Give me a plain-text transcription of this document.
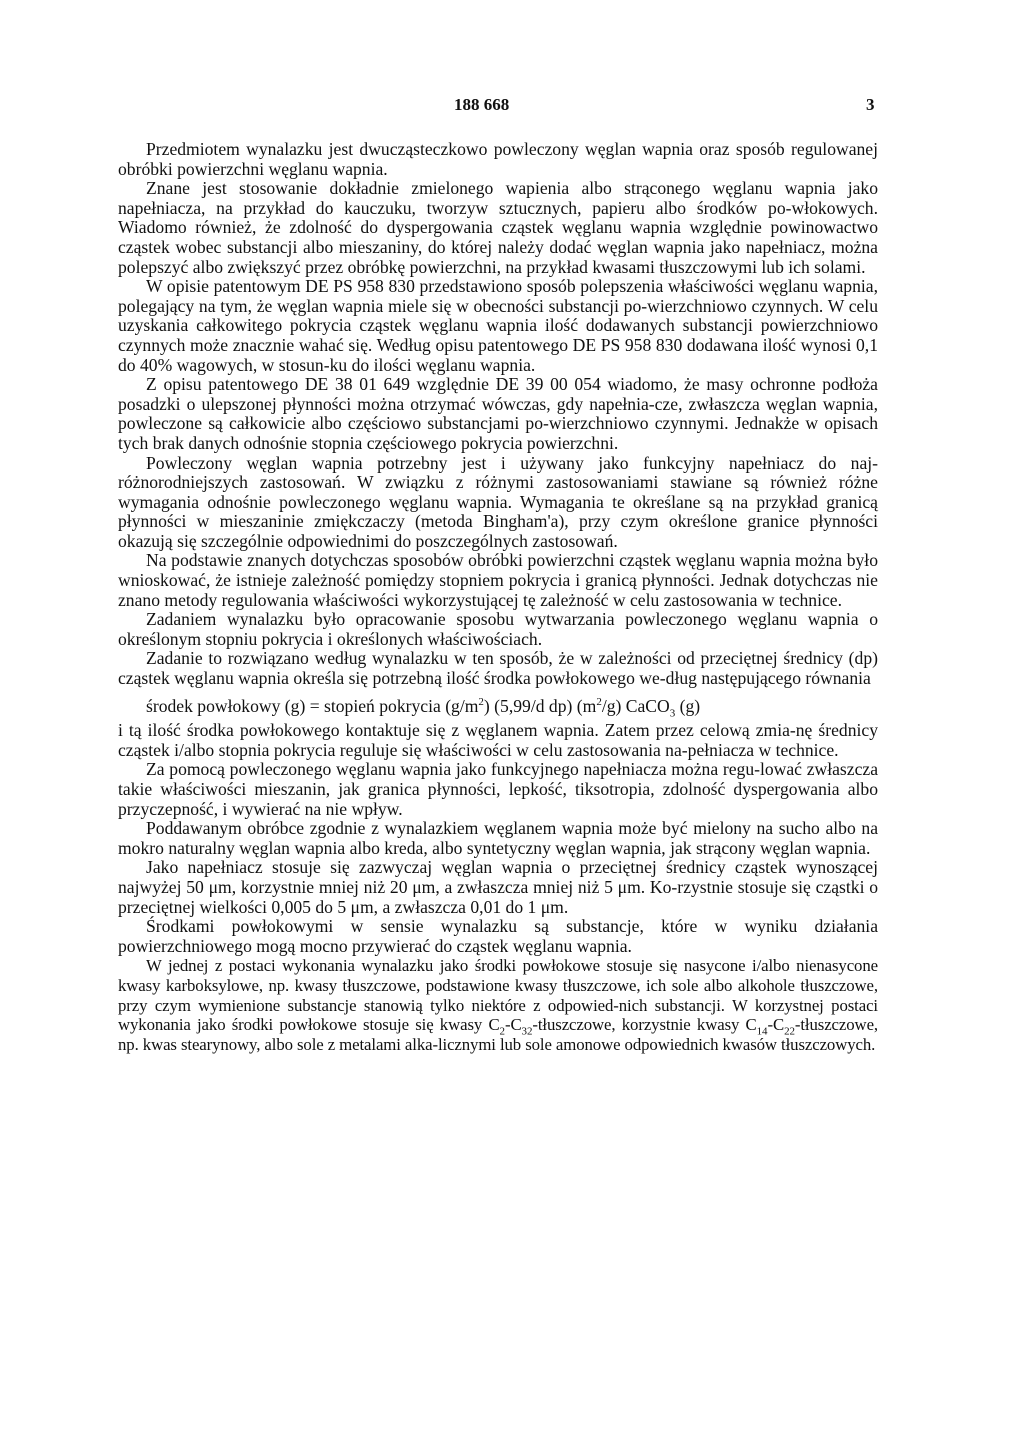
188 668	3

Przedmiotem wynalazku jest dwucząsteczkowo powleczony węglan wapnia oraz sposób regulowanej obróbki powierzchni węglanu wapnia.

Znane jest stosowanie dokładnie zmielonego wapienia albo strąconego węglanu wapnia jako napełniacza, na przykład do kauczuku, tworzyw sztucznych, papieru albo środków po-włokowych. Wiadomo również, że zdolność do dyspergowania cząstek węglanu wapnia względnie powinowactwo cząstek wobec substancji albo mieszaniny, do której należy dodać węglan wapnia jako napełniacz, można polepszyć albo zwiększyć przez obróbkę powierzchni, na przykład kwasami tłuszczowymi lub ich solami.

W opisie patentowym DE PS 958 830 przedstawiono sposób polepszenia właściwości węglanu wapnia, polegający na tym, że węglan wapnia miele się w obecności substancji po-wierzchniowo czynnych. W celu uzyskania całkowitego pokrycia cząstek węglanu wapnia ilość dodawanych substancji powierzchniowo czynnych może znacznie wahać się. Według opisu patentowego DE PS 958 830 dodawana ilość wynosi 0,1 do 40% wagowych, w stosun-ku do ilości węglanu wapnia.

Z opisu patentowego DE 38 01 649 względnie DE 39 00 054 wiadomo, że masy ochronne podłoża posadzki o ulepszonej płynności można otrzymać wówczas, gdy napełnia-cze, zwłaszcza węglan wapnia, powleczone są całkowicie albo częściowo substancjami po-wierzchniowo czynnymi. Jednakże w opisach tych brak danych odnośnie stopnia częściowego pokrycia powierzchni.

Powleczony węglan wapnia potrzebny jest i używany jako funkcyjny napełniacz do naj-różnorodniejszych zastosowań. W związku z różnymi zastosowaniami stawiane są również różne wymagania odnośnie powleczonego węglanu wapnia. Wymagania te określane są na przykład granicą płynności w mieszaninie zmiękczaczy (metoda Bingham'a), przy czym określone granice płynności okazują się szczególnie odpowiednimi do poszczególnych zastosowań.

Na podstawie znanych dotychczas sposobów obróbki powierzchni cząstek węglanu wapnia można było wnioskować, że istnieje zależność pomiędzy stopniem pokrycia i granicą płynności. Jednak dotychczas nie znano metody regulowania właściwości wykorzystującej tę zależność w celu zastosowania w technice.

Zadaniem wynalazku było opracowanie sposobu wytwarzania powleczonego węglanu wapnia o określonym stopniu pokrycia i określonych właściwościach.

Zadanie to rozwiązano według wynalazku w ten sposób, że w zależności od przeciętnej średnicy (dp) cząstek węglanu wapnia określa się potrzebną ilość środka powłokowego we-dług następującego równania

środek powłokowy (g) = stopień pokrycia $(g/m^2)$ (5,99/d dp) $(m^2/g)$ CaCO$_3$ (g)

i tą ilość środka powłokowego kontaktuje się z węglanem wapnia. Zatem przez celową zmia-nę średnicy cząstek i/albo stopnia pokrycia reguluje się właściwości w celu zastosowania na-pełniacza w technice.

Za pomocą powleczonego węglanu wapnia jako funkcyjnego napełniacza można regu-lować zwłaszcza takie właściwości mieszanin, jak granica płynności, lepkość, tiksotropia, zdolność dyspergowania albo przyczepność, i wywierać na nie wpływ.

Poddawanym obróbce zgodnie z wynalazkiem węglanem wapnia może być mielony na sucho albo na mokro naturalny węglan wapnia albo kreda, albo syntetyczny węglan wapnia, jak strącony węglan wapnia.

Jako napełniacz stosuje się zazwyczaj węglan wapnia o przeciętnej średnicy cząstek wynoszącej najwyżej 50 μm, korzystnie mniej niż 20 μm, a zwłaszcza mniej niż 5 μm. Ko-rzystnie stosuje się cząstki o przeciętnej wielkości 0,005 do 5 μm, a zwłaszcza 0,01 do 1 μm.

Środkami powłokowymi w sensie wynalazku są substancje, które w wyniku działania powierzchniowego mogą mocno przywierać do cząstek węglanu wapnia.

W jednej z postaci wykonania wynalazku jako środki powłokowe stosuje się nasycone i/albo nienasycone kwasy karboksylowe, np. kwasy tłuszczowe, podstawione kwasy tłuszczowe, ich sole albo alkohole tłuszczowe, przy czym wymienione substancje stanowią tylko niektóre z odpowied-nich substancji. W korzystnej postaci wykonania jako środki powłokowe stosuje się kwasy $C_2-C_{32}$-tłuszczowe, korzystnie kwasy $C_{14}-C_{22}$-tłuszczowe, np. kwas stearynowy, albo sole z metalami alka-licznymi lub sole amonowe odpowiednich kwasów tłuszczowych.
